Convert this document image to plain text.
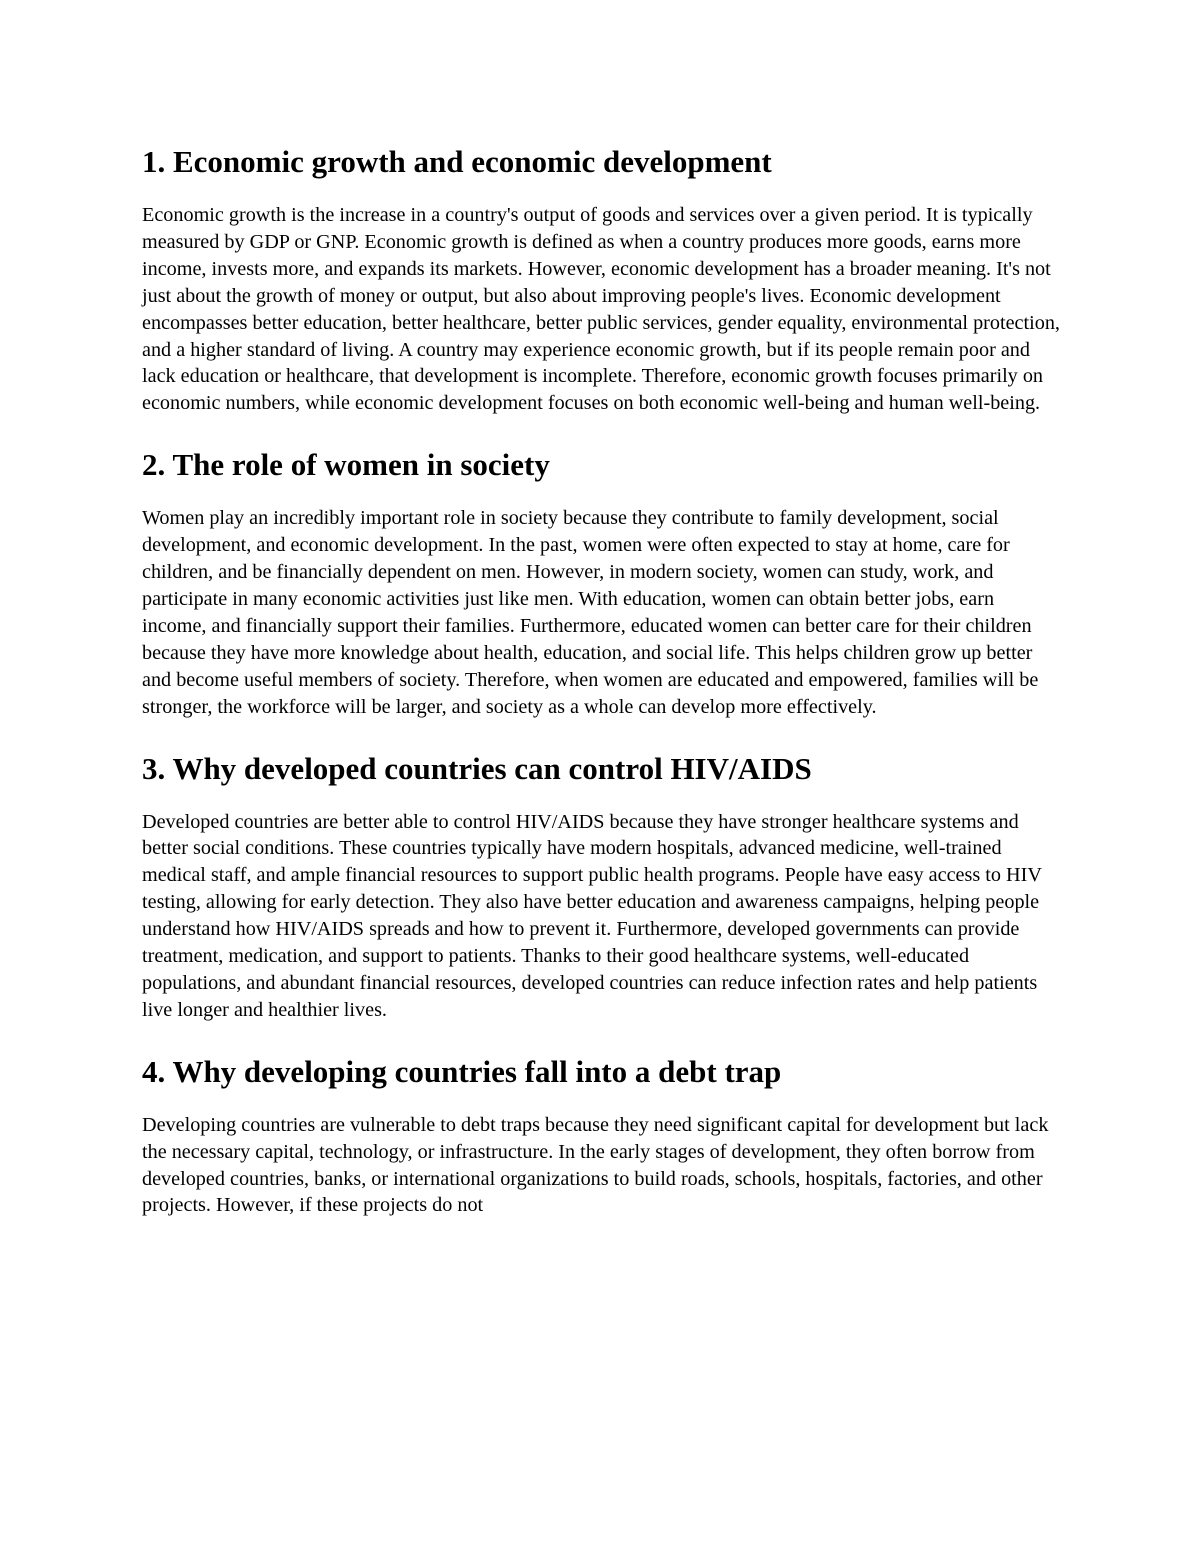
1. Economic growth and economic development

Economic growth is the increase in a country's output of goods and services over a given period. It is typically measured by GDP or GNP. Economic growth is defined as when a country produces more goods, earns more income, invests more, and expands its markets. However, economic development has a broader meaning. It's not just about the growth of money or output, but also about improving people's lives. Economic development encompasses better education, better healthcare, better public services, gender equality, environmental protection, and a higher standard of living. A country may experience economic growth, but if its people remain poor and lack education or healthcare, that development is incomplete. Therefore, economic growth focuses primarily on economic numbers, while economic development focuses on both economic well-being and human well-being.

2. The role of women in society

Women play an incredibly important role in society because they contribute to family development, social development, and economic development. In the past, women were often expected to stay at home, care for children, and be financially dependent on men. However, in modern society, women can study, work, and participate in many economic activities just like men. With education, women can obtain better jobs, earn income, and financially support their families. Furthermore, educated women can better care for their children because they have more knowledge about health, education, and social life. This helps children grow up better and become useful members of society. Therefore, when women are educated and empowered, families will be stronger, the workforce will be larger, and society as a whole can develop more effectively.

3. Why developed countries can control HIV/AIDS

Developed countries are better able to control HIV/AIDS because they have stronger healthcare systems and better social conditions. These countries typically have modern hospitals, advanced medicine, well-trained medical staff, and ample financial resources to support public health programs. People have easy access to HIV testing, allowing for early detection. They also have better education and awareness campaigns, helping people understand how HIV/AIDS spreads and how to prevent it. Furthermore, developed governments can provide treatment, medication, and support to patients. Thanks to their good healthcare systems, well-educated populations, and abundant financial resources, developed countries can reduce infection rates and help patients live longer and healthier lives.

4. Why developing countries fall into a debt trap

Developing countries are vulnerable to debt traps because they need significant capital for development but lack the necessary capital, technology, or infrastructure. In the early stages of development, they often borrow from developed countries, banks, or international organizations to build roads, schools, hospitals, factories, and other projects. However, if these projects do not
